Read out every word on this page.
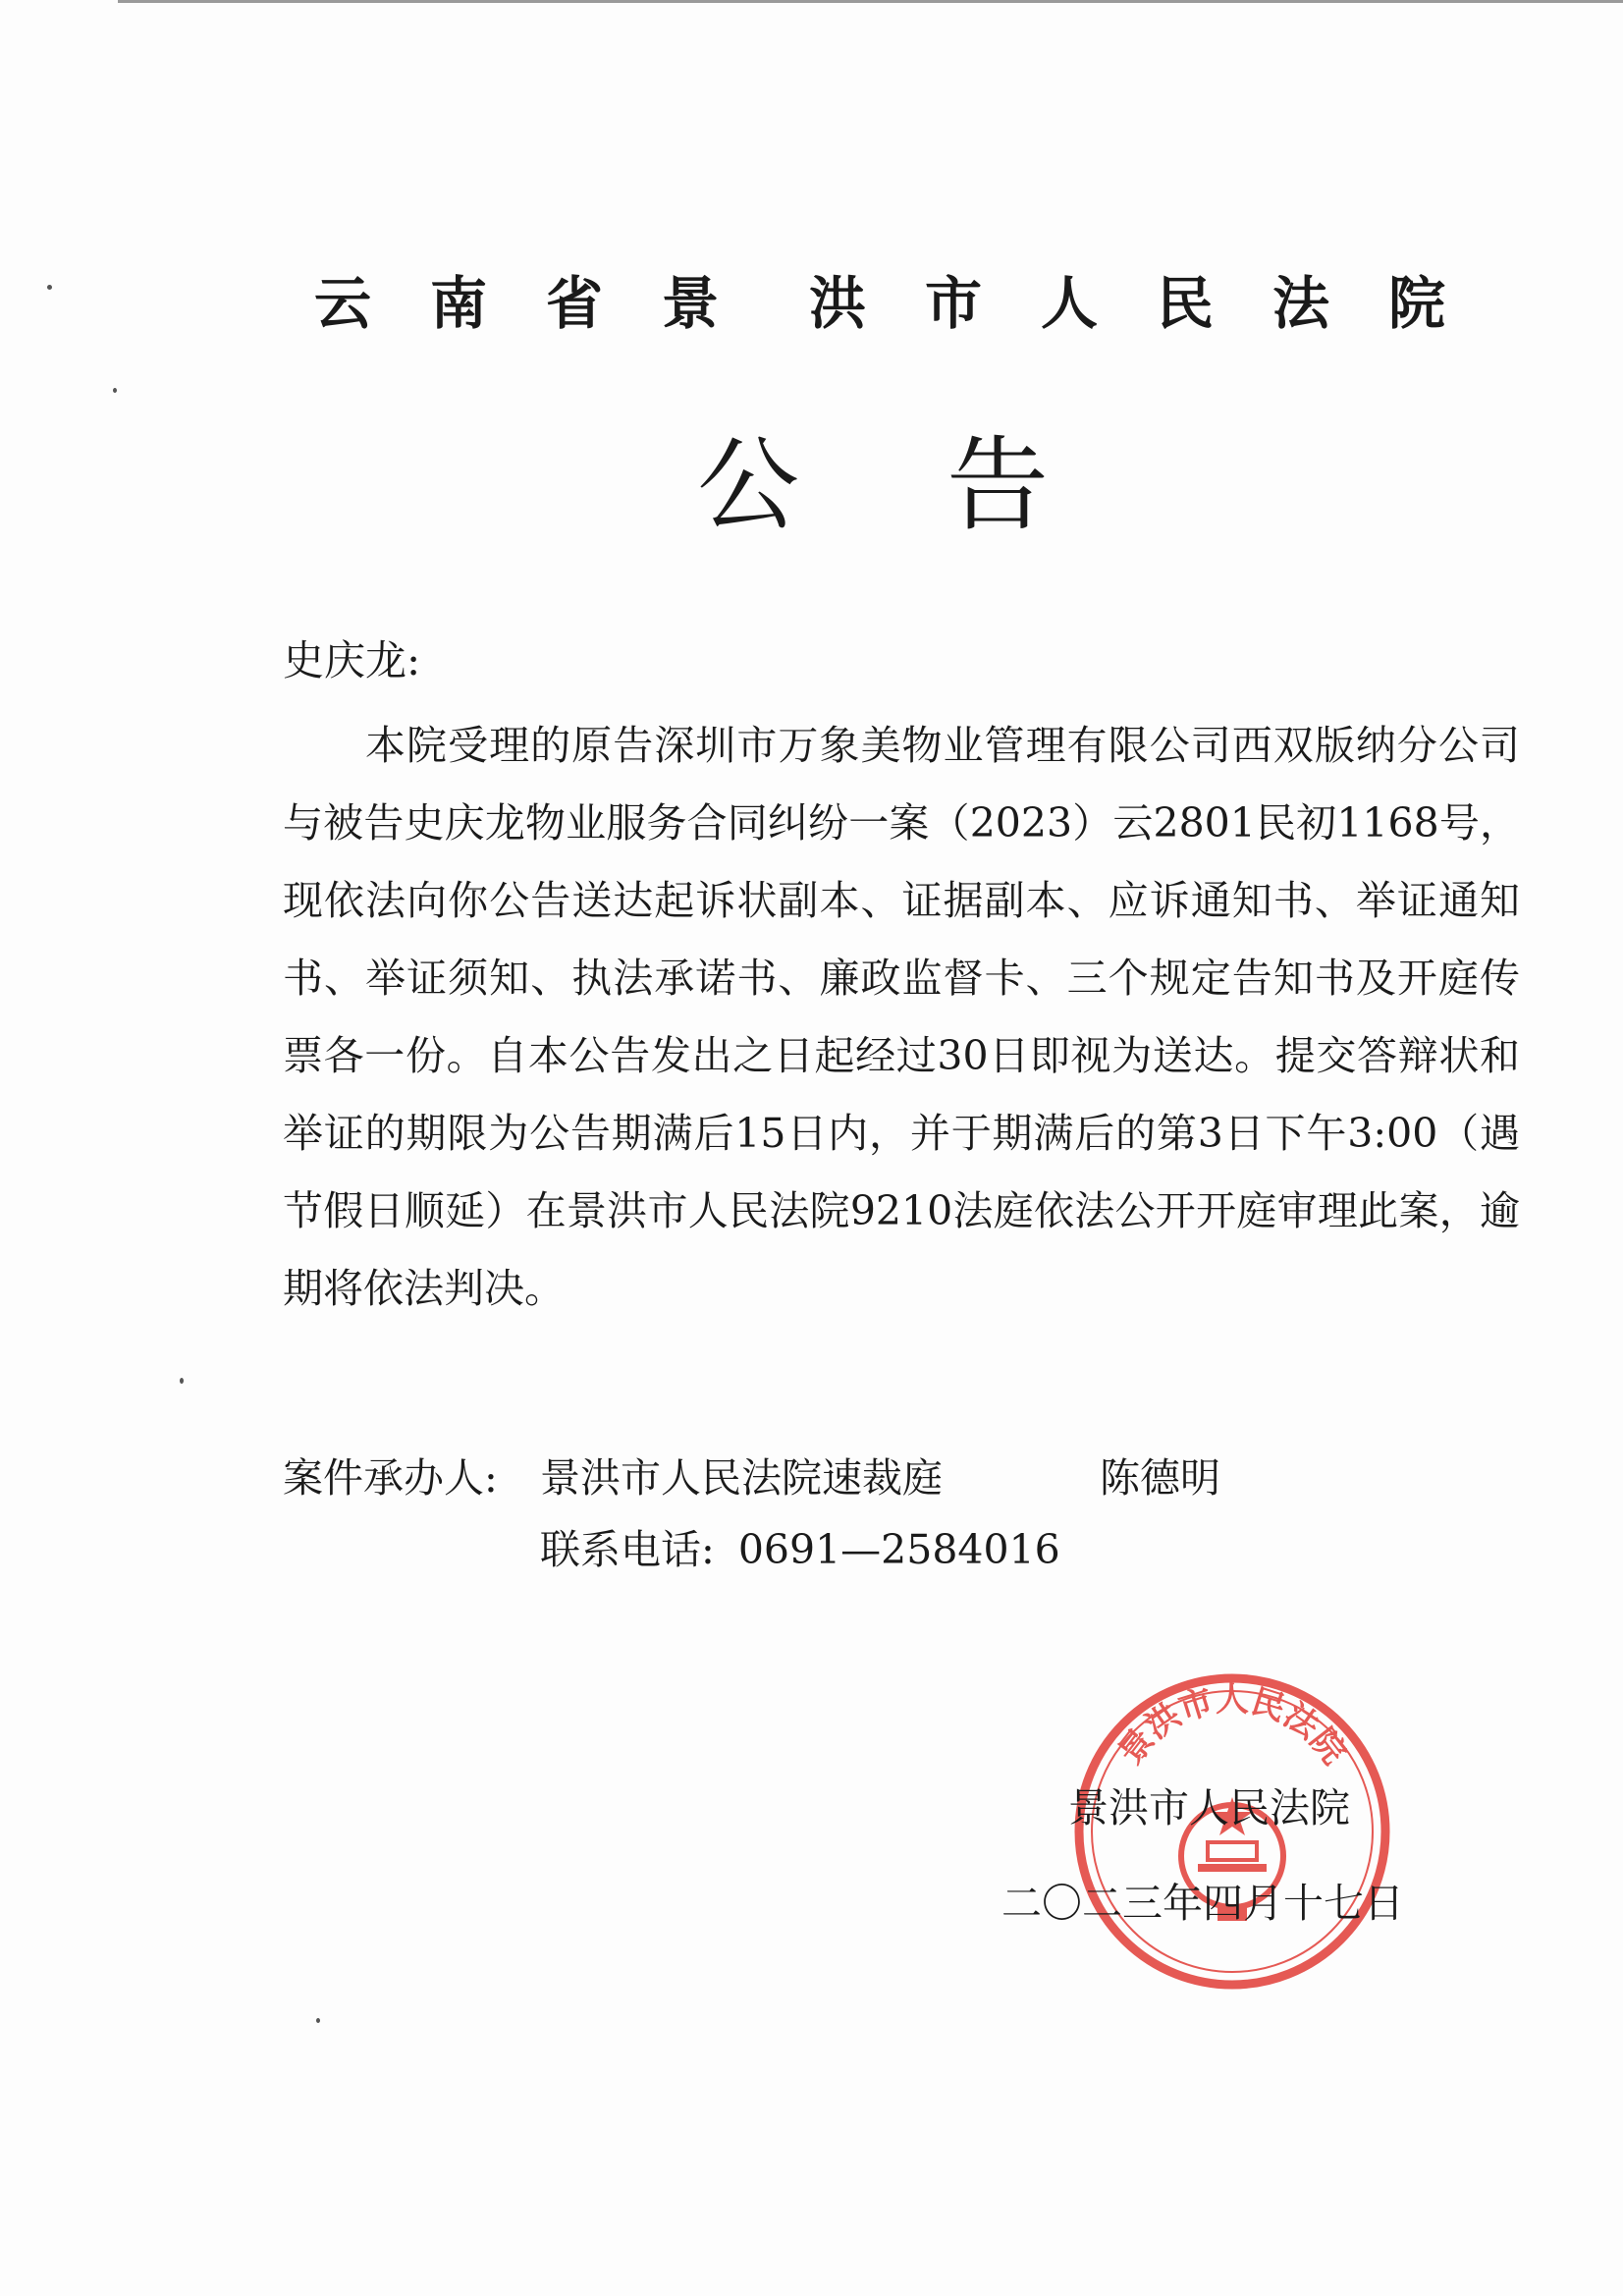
云 南 省 景 洪 市 人 民 法 院
公告
史庆龙:
本院受理的原告深圳市万象美物业管理有限公司西双版纳分公司与被告史庆龙物业服务合同纠纷一案（2023）云2801民初1168号，现依法向你公告送达起诉状副本、证据副本、应诉通知书、举证通知书、举证须知、执法承诺书、廉政监督卡、三个规定告知书及开庭传票各一份。自本公告发出之日起经过30日即视为送达。提交答辩状和举证的期限为公告期满后15日内，并于期满后的第3日下午3:00（遇节假日顺延）在景洪市人民法院9210法庭依法公开开庭审理此案，逾期将依法判决。
案件承办人: 景洪市人民法院速裁庭	陈德明
联系电话: 0691—2584016
景洪市人民法院
景洪市人民法院
二〇二三年四月十七日
